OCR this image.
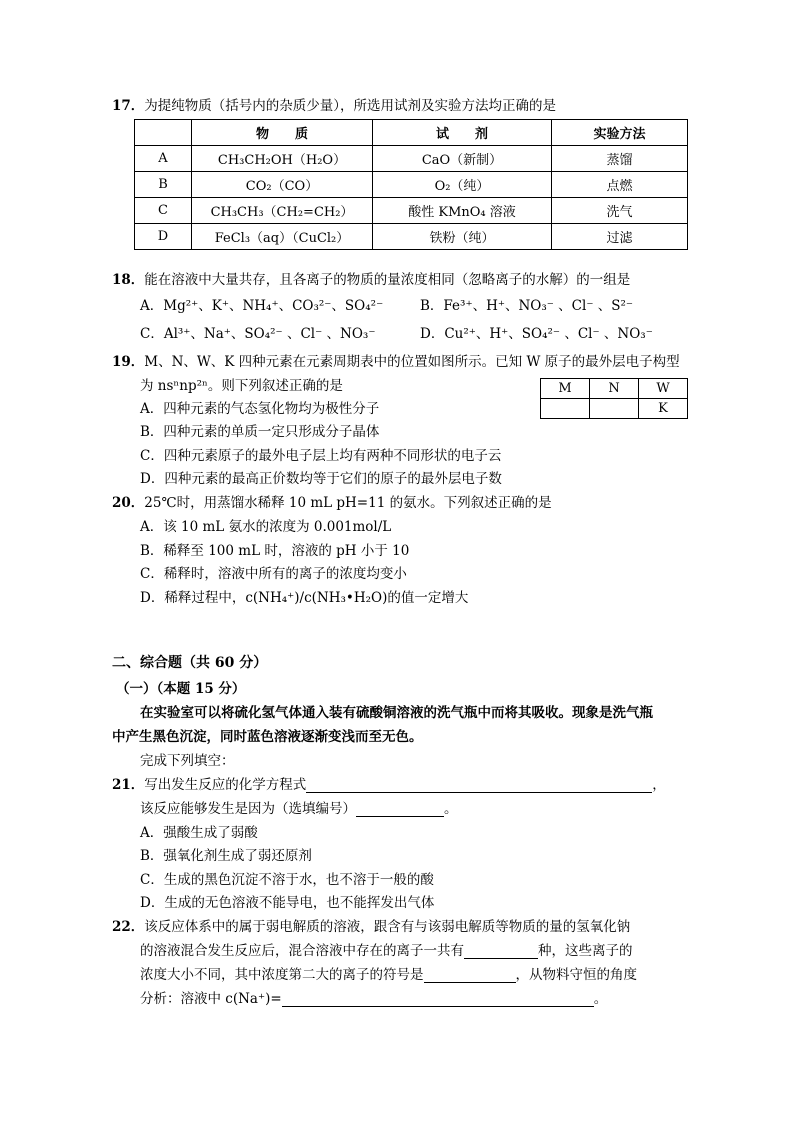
17．为提纯物质（括号内的杂质少量），所选用试剂及实验方法均正确的是
	物　　质	试　　剂	实验方法
A	CH₃CH₂OH（H₂O）	CaO（新制）	蒸馏
B	CO₂（CO）	O₂（纯）	点燃
C	CH₃CH₃（CH₂=CH₂）	酸性 KMnO₄ 溶液	洗气
D	FeCl₃（aq）（CuCl₂）	铁粉（纯）	过滤
18．能在溶液中大量共存，且各离子的物质的量浓度相同（忽略离子的水解）的一组是
A．Mg²⁺、K⁺、NH₄⁺、CO₃²⁻、SO₄²⁻	B．Fe³⁺、H⁺、NO₃⁻ 、Cl⁻ 、S²⁻
C．Al³⁺、Na⁺、SO₄²⁻ 、Cl⁻ 、NO₃⁻	D．Cu²⁺、H⁺、SO₄²⁻ 、Cl⁻ 、NO₃⁻
19．M、N、W、K 四种元素在元素周期表中的位置如图所示。已知 W 原子的最外层电子构型
为 nsⁿnp²ⁿ。则下列叙述正确的是	M	N	W
		K
A．四种元素的气态氢化物均为极性分子
B．四种元素的单质一定只形成分子晶体
C．四种元素原子的最外电子层上均有两种不同形状的电子云
D．四种元素的最高正价数均等于它们的原子的最外层电子数
20．25℃时，用蒸馏水稀释 10 mL pH=11 的氨水。下列叙述正确的是
A．该 10 mL 氨水的浓度为 0.001mol/L
B．稀释至 100 mL 时，溶液的 pH 小于 10
C．稀释时，溶液中所有的离子的浓度均变小
D．稀释过程中，c(NH₄⁺)/c(NH₃•H₂O)的值一定增大
二、综合题（共 60 分）
（一）（本题 15 分）
在实验室可以将硫化氢气体通入装有硫酸铜溶液的洗气瓶中而将其吸收。现象是洗气瓶
中产生黑色沉淀，同时蓝色溶液逐渐变浅而至无色。
完成下列填空：
21．写出发生反应的化学方程式	，
该反应能够发生是因为（选填编号）	。
A．强酸生成了弱酸
B．强氧化剂生成了弱还原剂
C．生成的黑色沉淀不溶于水，也不溶于一般的酸
D．生成的无色溶液不能导电，也不能挥发出气体
22．该反应体系中的属于弱电解质的溶液，跟含有与该弱电解质等物质的量的氢氧化钠
的溶液混合发生反应后，混合溶液中存在的离子一共有	种，这些离子的
浓度大小不同，其中浓度第二大的离子的符号是	，从物料守恒的角度
分析：溶液中 c(Na⁺)=	。
